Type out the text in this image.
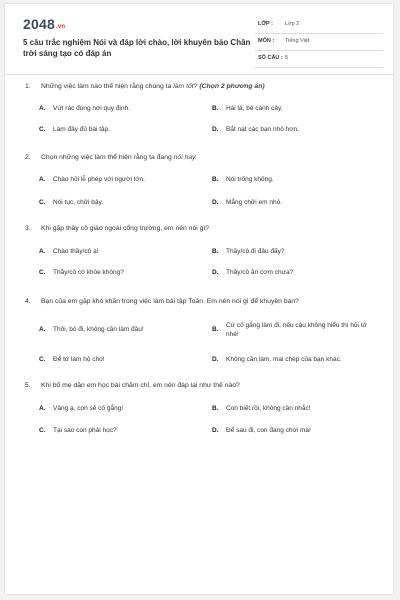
2048.vn
5 câu trắc nghiệm Nói và đáp lời chào, lời khuyên bảo Chân trời sáng tạo có đáp án
LỚP : Lớp 2
MÔN : Tiếng Việt
SỐ CÂU : 5
1. Những việc làm nào thể hiện rằng chúng ta làm tốt? (Chọn 2 phương án)
A. Vứt rác đúng nơi quy định.	B. Hái lá, bẻ cành cây.
C. Làm đầy đủ bài tập.	D. Bắt nạt các bạn nhỏ hơn.
2. Chọn những việc làm thể hiện rằng ta đang nói hay.
A. Chào hỏi lễ phép với người lớn.	B. Nói trống không.
C. Nói tục, chửi bậy.	D. Mắng chửi em nhỏ.
3. Khi gặp thầy cô giáo ngoài cổng trường, em nên nói gì?
A. Chào thầy/cô ạ!	B. Thầy/cô đi đâu đấy?
C. Thầy/cô có khỏe không?	D. Thầy/cô ăn cơm chưa?
4. Bạn của em gặp khó khăn trong việc làm bài tập Toán. Em nên nói gì để khuyên bạn?
A. Thôi, bỏ đi, không cần làm đâu!	B.
Cứ cố gắng làm đi, nếu cậu không hiểu thì hỏi tớ nhé!
C. Để tớ làm hộ cho!	D. Không cần làm, mai chép của bạn khác.
5. Khi bố mẹ dặn em học bài chăm chỉ, em nên đáp lại như thế nào?
A. Vâng ạ, con sẽ cố gắng!	B. Con biết rồi, không cần nhắc!
C. Tại sao con phải học?	D. Để sau đi, con đang chơi mà!
